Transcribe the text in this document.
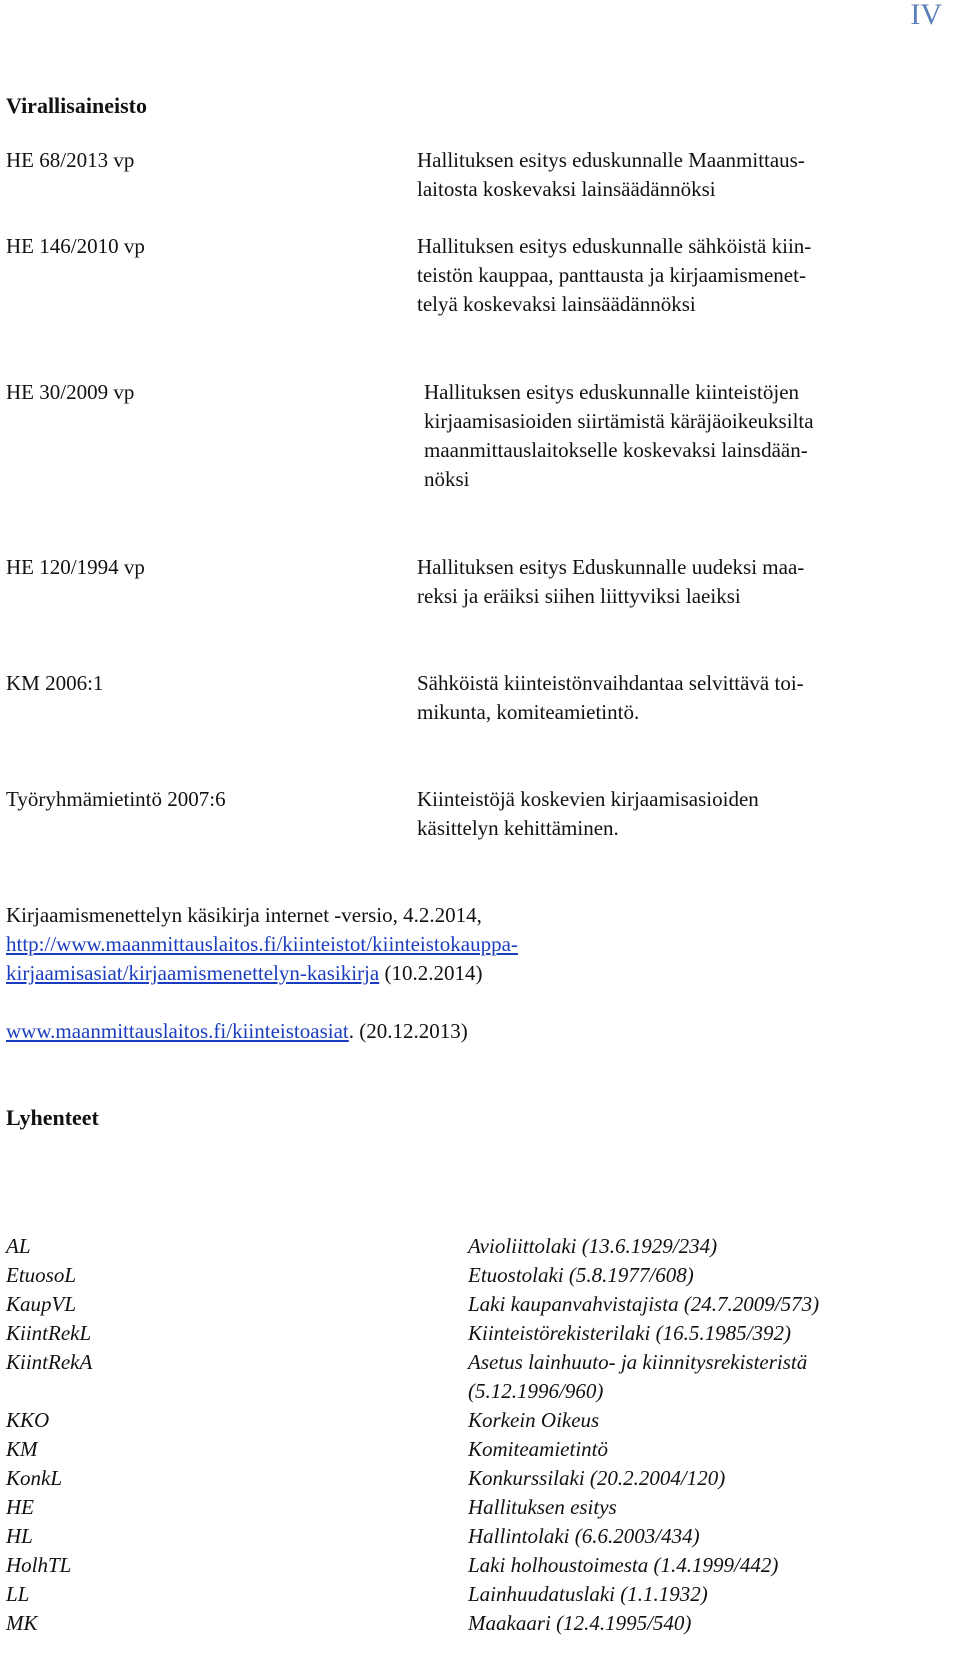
IV
Virallisaineisto
HE 68/2013 vp	Hallituksen esitys eduskunnalle Maanmittaus-
laitosta koskevaksi lainsäädännöksi
HE 146/2010 vp	Hallituksen esitys eduskunnalle sähköistä kiin-
teistön kauppaa, panttausta ja kirjaamismenet-
telyä koskevaksi lainsäädännöksi
HE 30/2009 vp	Hallituksen esitys eduskunnalle kiinteistöjen
kirjaamisasioiden siirtämistä käräjäoikeuksilta
maanmittauslaitokselle koskevaksi lainsdään-
nöksi
HE 120/1994 vp	Hallituksen esitys Eduskunnalle uudeksi maa-
reksi ja eräiksi siihen liittyviksi laeiksi
KM 2006:1	Sähköistä kiinteistönvaihdantaa selvittävä toi-
mikunta, komiteamietintö.
Työryhmämietintö 2007:6	Kiinteistöjä koskevien kirjaamisasioiden
käsittelyn kehittäminen.
Kirjaamismenettelyn käsikirja internet -versio, 4.2.2014,
http://www.maanmittauslaitos.fi/kiinteistot/kiinteistokauppa-
kirjaamisasiat/kirjaamismenettelyn-kasikirja (10.2.2014)
www.maanmittauslaitos.fi/kiinteistoasiat. (20.12.2013)
Lyhenteet
AL	Avioliittolaki (13.6.1929/234)
EtuosoL	Etuostolaki (5.8.1977/608)
KaupVL	Laki kaupanvahvistajista (24.7.2009/573)
KiintRekL	Kiinteistörekisterilaki (16.5.1985/392)
KiintRekA	Asetus lainhuuto- ja kiinnitysrekisteristä
(5.12.1996/960)
KKO	Korkein Oikeus
KM	Komiteamietintö
KonkL	Konkurssilaki (20.2.2004/120)
HE	Hallituksen esitys
HL	Hallintolaki (6.6.2003/434)
HolhTL	Laki holhoustoimesta (1.4.1999/442)
LL	Lainhuudatuslaki (1.1.1932)
MK	Maakaari (12.4.1995/540)
